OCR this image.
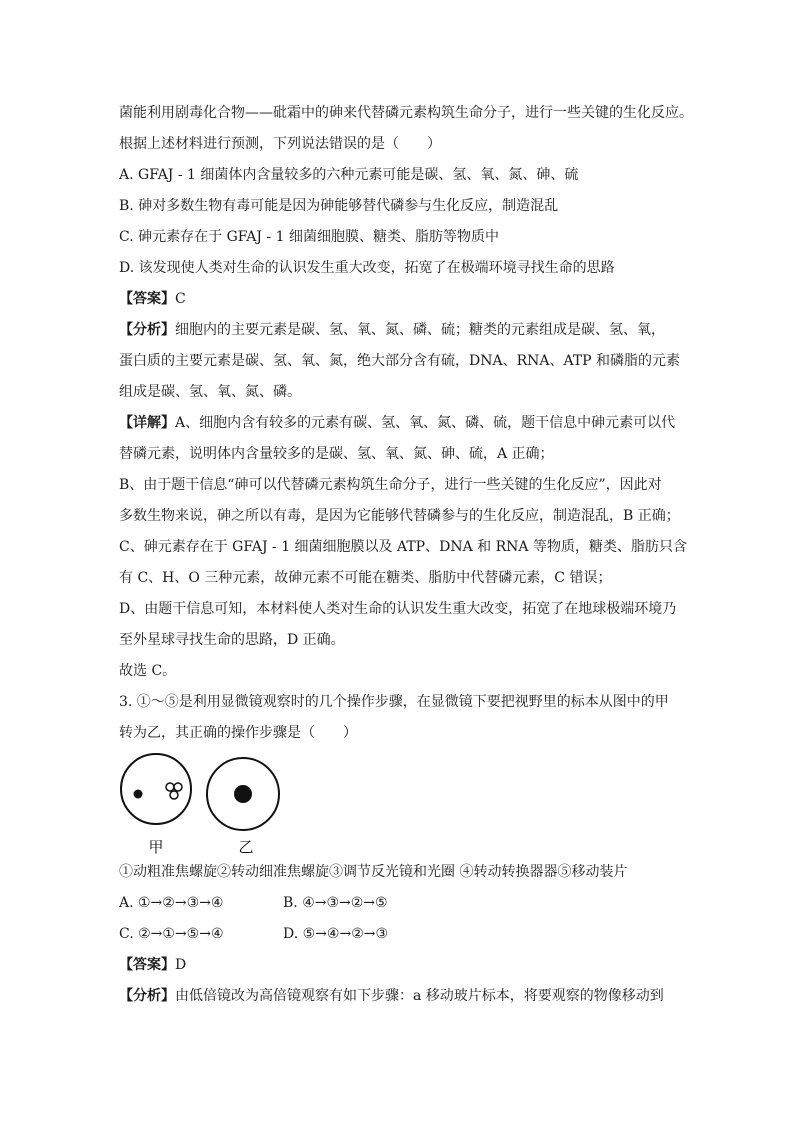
菌能利用剧毒化合物——砒霜中的砷来代替磷元素构筑生命分子，进行一些关键的生化反应。
根据上述材料进行预测，下列说法错误的是（　　）
A. GFAJ - 1 细菌体内含量较多的六种元素可能是碳、氢、氧、氮、砷、硫
B. 砷对多数生物有毒可能是因为砷能够替代磷参与生化反应，制造混乱
C. 砷元素存在于 GFAJ - 1 细菌细胞膜、糖类、脂肪等物质中
D. 该发现使人类对生命的认识发生重大改变，拓宽了在极端环境寻找生命的思路
【答案】C
【分析】细胞内的主要元素是碳、氢、氧、氮、磷、硫；糖类的元素组成是碳、氢、氧，
蛋白质的主要元素是碳、氢、氧、氮，绝大部分含有硫，DNA、RNA、ATP 和磷脂的元素
组成是碳、氢、氧、氮、磷。
【详解】A、细胞内含有较多的元素有碳、氢、氧、氮、磷、硫，题干信息中砷元素可以代
替磷元素，说明体内含量较多的是碳、氢、氧、氮、砷、硫，A 正确；
B、由于题干信息“砷可以代替磷元素构筑生命分子，进行一些关键的生化反应”，因此对
多数生物来说，砷之所以有毒，是因为它能够代替磷参与的生化反应，制造混乱，B 正确；
C、砷元素存在于 GFAJ - 1 细菌细胞膜以及 ATP、DNA 和 RNA 等物质，糖类、脂肪只含
有 C、H、O 三种元素，故砷元素不可能在糖类、脂肪中代替磷元素，C 错误；
D、由题干信息可知，本材料使人类对生命的认识发生重大改变，拓宽了在地球极端环境乃
至外星球寻找生命的思路，D 正确。
故选 C。
3. ①～⑤是利用显微镜观察时的几个操作步骤，在显微镜下要把视野里的标本从图中的甲
转为乙，其正确的操作步骤是（　　）
甲	乙
①动粗准焦螺旋②转动细准焦螺旋③调节反光镜和光圈 ④转动转换器器⑤移动装片
A. ①→②→③→④	B. ④→③→②→⑤
C. ②→①→⑤→④	D. ⑤→④→②→③
【答案】D
【分析】由低倍镜改为高倍镜观察有如下步骤：a 移动玻片标本，将要观察的物像移动到
